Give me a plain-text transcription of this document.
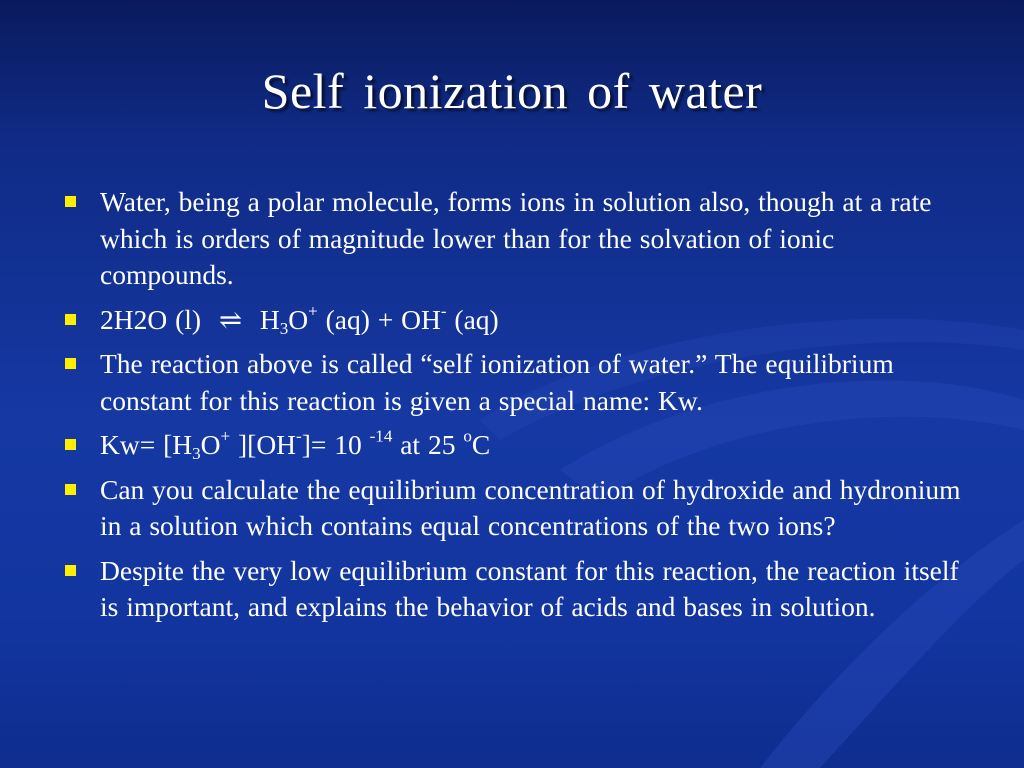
Self ionization of water
Water, being a polar molecule, forms ions in solution also, though at a rate which is orders of magnitude lower than for the solvation of ionic compounds.
2H2O (l) ⇌ $H_3O^+$ (aq) + OH- (aq)
The reaction above is called “self ionization of water.” The equilibrium constant for this reaction is given a special name: Kw.
$Kw= [H_3O^+$ ][OH-]= 10 $^{-14}$ at 25 $^o$C
Can you calculate the equilibrium concentration of hydroxide and hydronium in a solution which contains equal concentrations of the two ions?
Despite the very low equilibrium constant for this reaction, the reaction itself is important, and explains the behavior of acids and bases in solution.
